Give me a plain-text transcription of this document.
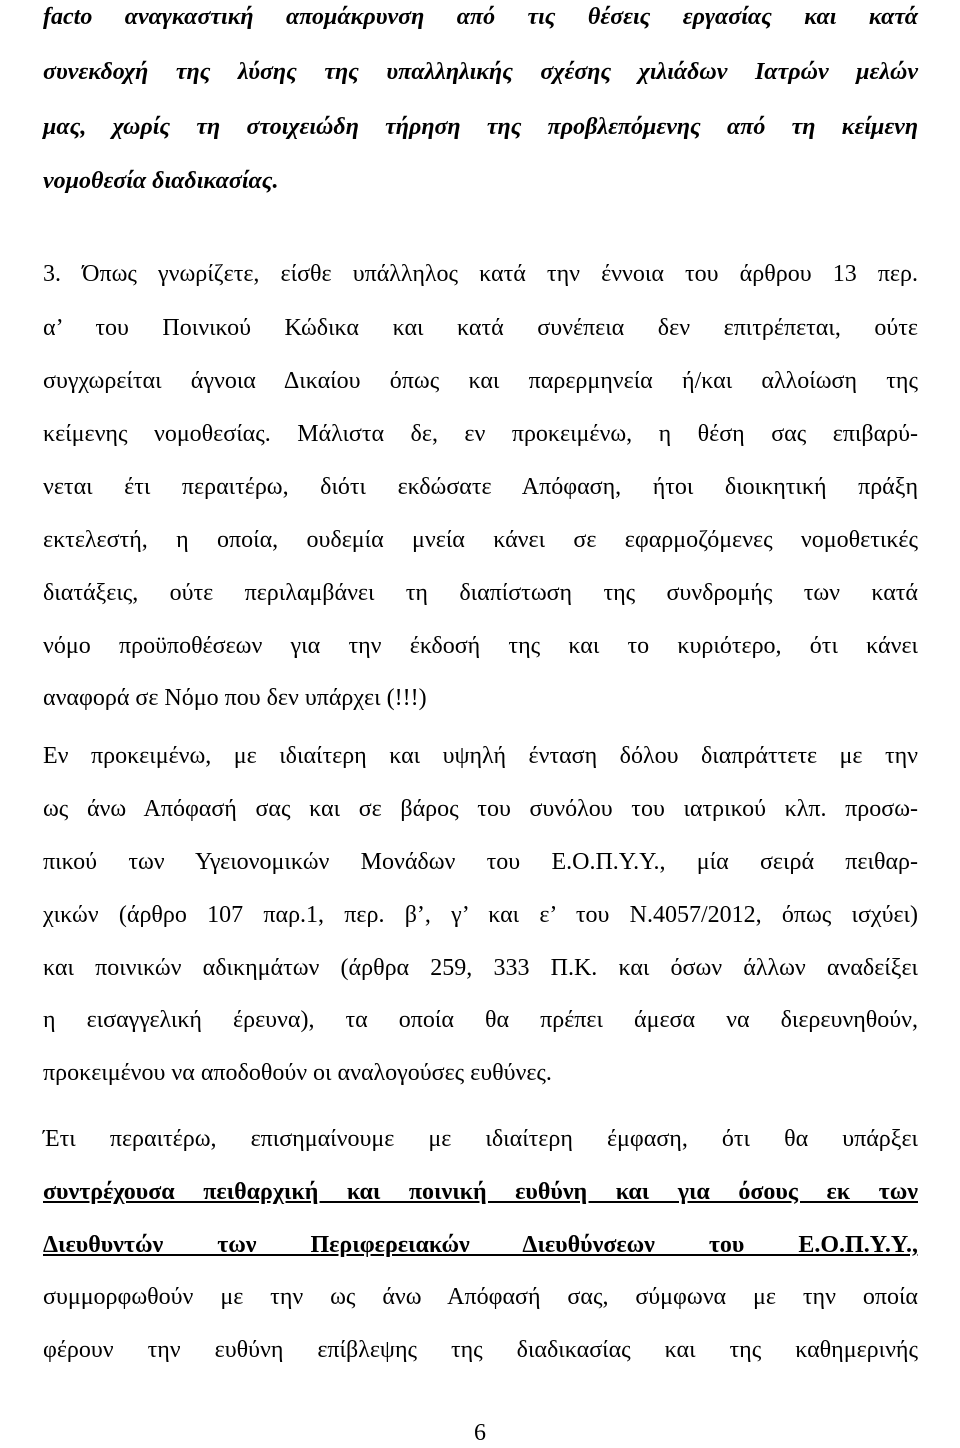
facto αναγκαστική απομάκρυνση από τις θέσεις εργασίας και κατά
συνεκδοχή της λύσης της υπαλληλικής σχέσης χιλιάδων Ιατρών μελών
μας, χωρίς τη στοιχειώδη τήρηση της προβλεπόμενης από τη κείμενη
νομοθεσία διαδικασίας.
3. Όπως γνωρίζετε, είσθε υπάλληλος κατά την έννοια του άρθρου 13 περ.
α’ του Ποινικού Κώδικα και κατά συνέπεια δεν επιτρέπεται, ούτε
συγχωρείται άγνοια Δικαίου όπως και παρερμηνεία ή/και αλλοίωση της
κείμενης νομοθεσίας. Μάλιστα δε, εν προκειμένω, η θέση σας επιβαρύ-
νεται έτι περαιτέρω, διότι εκδώσατε Απόφαση, ήτοι διοικητική πράξη
εκτελεστή, η οποία, ουδεμία μνεία κάνει σε εφαρμοζόμενες νομοθετικές
διατάξεις, ούτε περιλαμβάνει τη διαπίστωση της συνδρομής των κατά
νόμο προϋποθέσεων για την έκδοσή της και το κυριότερο, ότι κάνει
αναφορά σε Νόμο που δεν υπάρχει (!!!)
Εν προκειμένω, με ιδιαίτερη και υψηλή ένταση δόλου διαπράττετε με την
ως άνω Απόφασή σας και σε βάρος του συνόλου του ιατρικού κλπ. προσω-
πικού των Υγειονομικών Μονάδων του Ε.Ο.Π.Υ.Υ., μία σειρά πειθαρ-
χικών (άρθρο 107 παρ.1, περ. β’, γ’ και ε’ του Ν.4057/2012, όπως ισχύει)
και ποινικών αδικημάτων (άρθρα 259, 333 Π.Κ. και όσων άλλων αναδείξει
η εισαγγελική έρευνα), τα οποία θα πρέπει άμεσα να διερευνηθούν,
προκειμένου να αποδοθούν οι αναλογούσες ευθύνες.
Έτι περαιτέρω, επισημαίνουμε με ιδιαίτερη έμφαση, ότι θα υπάρξει
συντρέχουσα πειθαρχική και ποινική ευθύνη και για όσους εκ των
Διευθυντών των Περιφερειακών Διευθύνσεων του Ε.Ο.Π.Υ.Υ.,
συμμορφωθούν με την ως άνω Απόφασή σας, σύμφωνα με την οποία
φέρουν την ευθύνη επίβλεψης της διαδικασίας και της καθημερινής
6
